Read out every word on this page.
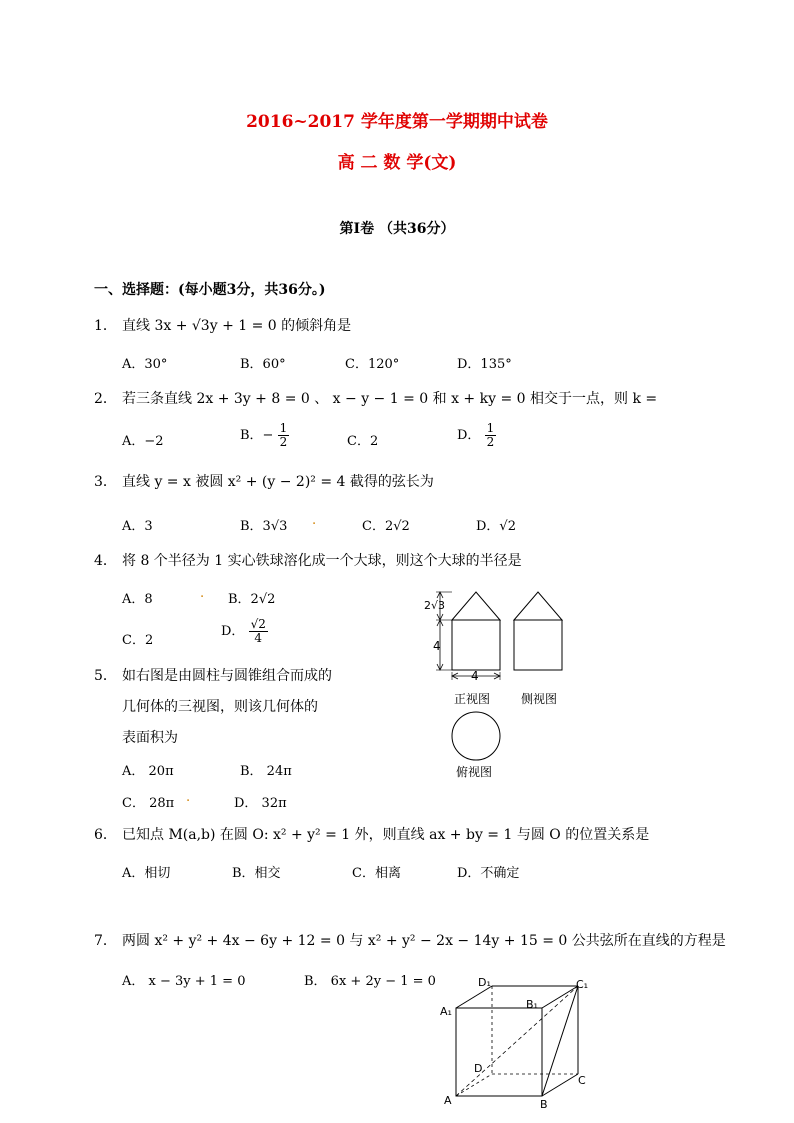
2016~2017 学年度第一学期期中试卷
高 二 数 学(文)
第Ⅰ卷 （共36分）
一、选择题：(每小题3分，共36分。)
1． 直线 3x + √3y + 1 = 0 的倾斜角是
A．30°	B．60°	C．120°	D．135°
2． 若三条直线 2x + 3y + 8 = 0 、 x − y − 1 = 0 和 x + ky = 0 相交于一点，则 k =
A．−2	B．− $\frac{1}{2}$	C．2	D． $\frac{1}{2}$
3． 直线 y = x 被圆 x² + (y − 2)² = 4 截得的弦长为
A．3	B．3√3 .	C．2√2	D．√2
4． 将 8 个半径为 1 实心铁球溶化成一个大球，则这个大球的半径是
A．8	. B．2√2
C．2
D． $\frac{√2}{4}$
5． 如右图是由圆柱与圆锥组合而成的
几何体的三视图，则该几何体的
表面积为
A． 20π	B． 24π
C． 28π .	D． 32π
2√3
4
4
正视图	侧视图
俯视图
6． 已知点 M(a,b) 在圆 O: x² + y² = 1 外，则直线 ax + by = 1 与圆 O 的位置关系是
A．相切	B．相交	C．相离	D．不确定
7． 两圆 x² + y² + 4x − 6y + 12 = 0 与 x² + y² − 2x − 14y + 15 = 0 公共弦所在直线的方程是
A． x − 3y + 1 = 0	B． 6x + 2y − 1 = 0	D₁	C₁
B₁
A₁
D
C
A	B
